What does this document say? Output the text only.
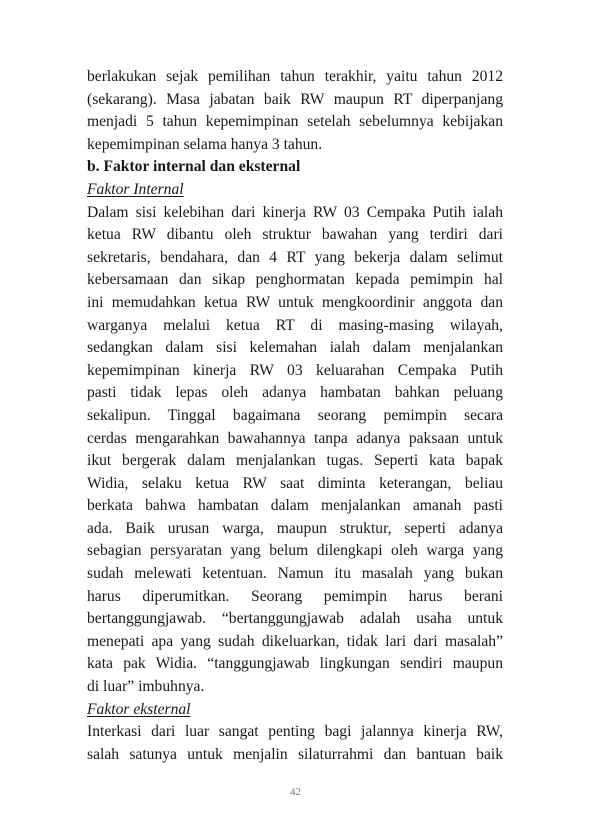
berlakukan sejak pemilihan tahun terakhir, yaitu tahun 2012
(sekarang). Masa jabatan baik RW maupun RT diperpanjang
menjadi 5 tahun kepemimpinan setelah sebelumnya kebijakan
kepemimpinan selama hanya 3 tahun.
b. Faktor internal dan eksternal
Faktor Internal
Dalam sisi kelebihan dari kinerja RW 03 Cempaka Putih ialah
ketua RW dibantu oleh struktur bawahan yang terdiri dari
sekretaris, bendahara, dan 4 RT yang bekerja dalam selimut
kebersamaan dan sikap penghormatan kepada pemimpin hal
ini memudahkan ketua RW untuk mengkoordinir anggota dan
warganya melalui ketua RT di masing-masing wilayah,
sedangkan dalam sisi kelemahan ialah dalam menjalankan
kepemimpinan kinerja RW 03 keluarahan Cempaka Putih
pasti tidak lepas oleh adanya hambatan bahkan peluang
sekalipun. Tinggal bagaimana seorang pemimpin secara
cerdas mengarahkan bawahannya tanpa adanya paksaan untuk
ikut bergerak dalam menjalankan tugas. Seperti kata bapak
Widia, selaku ketua RW saat diminta keterangan, beliau
berkata bahwa hambatan dalam menjalankan amanah pasti
ada. Baik urusan warga, maupun struktur, seperti adanya
sebagian persyaratan yang belum dilengkapi oleh warga yang
sudah melewati ketentuan. Namun itu masalah yang bukan
harus diperumitkan. Seorang pemimpin harus berani
bertanggungjawab. “bertanggungjawab adalah usaha untuk
menepati apa yang sudah dikeluarkan, tidak lari dari masalah”
kata pak Widia. “tanggungjawab lingkungan sendiri maupun
di luar” imbuhnya.
Faktor eksternal
Interkasi dari luar sangat penting bagi jalannya kinerja RW,
salah satunya untuk menjalin silaturrahmi dan bantuan baik
42
